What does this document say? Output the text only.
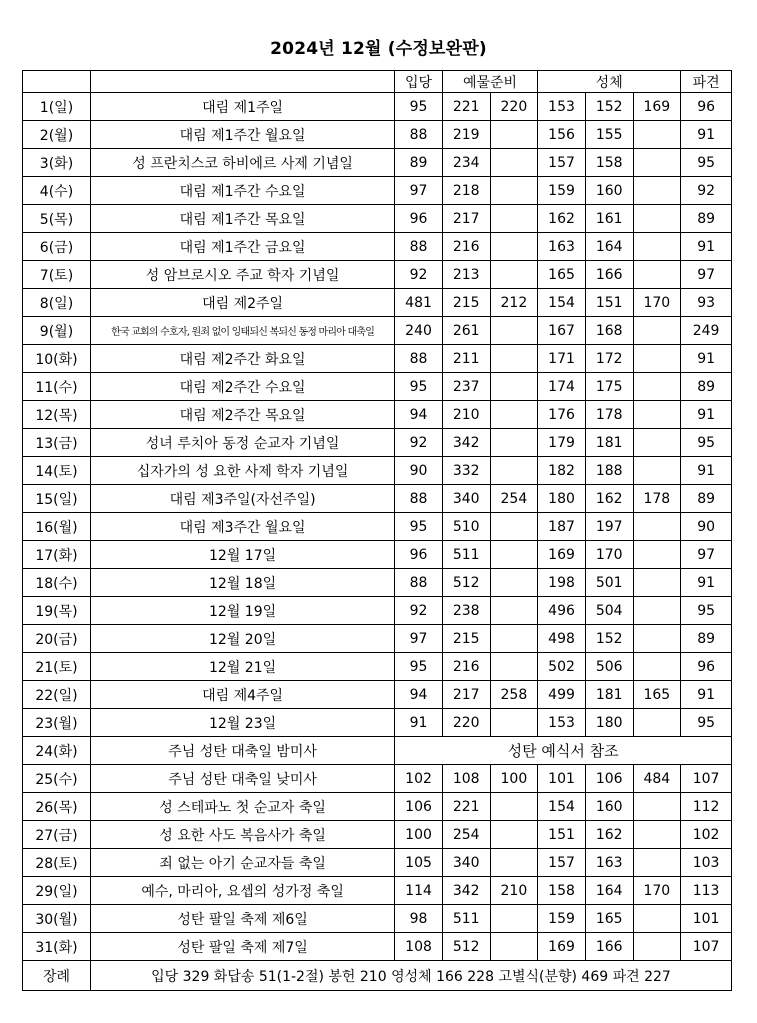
2024년 12월 (수정보완판)
		입당	예물준비		성체			파견
1(일)	대림 제1주일	95	221	220	153	152	169	96
2(월)	대림 제1주간 월요일	88	219		156	155		91
3(화)	성 프란치스코 하비에르 사제 기념일	89	234		157	158		95
4(수)	대림 제1주간 수요일	97	218		159	160		92
5(목)	대림 제1주간 목요일	96	217		162	161		89
6(금)	대림 제1주간 금요일	88	216		163	164		91
7(토)	성 암브로시오 주교 학자 기념일	92	213		165	166		97
8(일)	대림 제2주일	481	215	212	154	151	170	93
9(월)	한국 교회의 수호자, 원죄 없이 잉태되신 복되신 동정 마리아 대축일	240	261		167	168		249
10(화)	대림 제2주간 화요일	88	211		171	172		91
11(수)	대림 제2주간 수요일	95	237		174	175		89
12(목)	대림 제2주간 목요일	94	210		176	178		91
13(금)	성녀 루치아 동정 순교자 기념일	92	342		179	181		95
14(토)	십자가의 성 요한 사제 학자 기념일	90	332		182	188		91
15(일)	대림 제3주일(자선주일)	88	340	254	180	162	178	89
16(월)	대림 제3주간 월요일	95	510		187	197		90
17(화)	12월 17일	96	511		169	170		97
18(수)	12월 18일	88	512		198	501		91
19(목)	12월 19일	92	238		496	504		95
20(금)	12월 20일	97	215		498	152		89
21(토)	12월 21일	95	216		502	506		96
22(일)	대림 제4주일	94	217	258	499	181	165	91
23(월)	12월 23일	91	220		153	180		95
24(화)	주님 성탄 대축일 밤미사	성탄 예식서 참조						
25(수)	주님 성탄 대축일 낮미사	102	108	100	101	106	484	107
26(목)	성 스테파노 첫 순교자 축일	106	221		154	160		112
27(금)	성 요한 사도 복음사가 축일	100	254		151	162		102
28(토)	죄 없는 아기 순교자들 축일	105	340		157	163		103
29(일)	예수, 마리아, 요셉의 성가정 축일	114	342	210	158	164	170	113
30(월)	성탄 팔일 축제 제6일	98	511		159	165		101
31(화)	성탄 팔일 축제 제7일	108	512		169	166		107
장례	입당 329 화답송 51(1-2절) 봉헌 210 영성체 166 228 고별식(분향) 469 파견 227							
